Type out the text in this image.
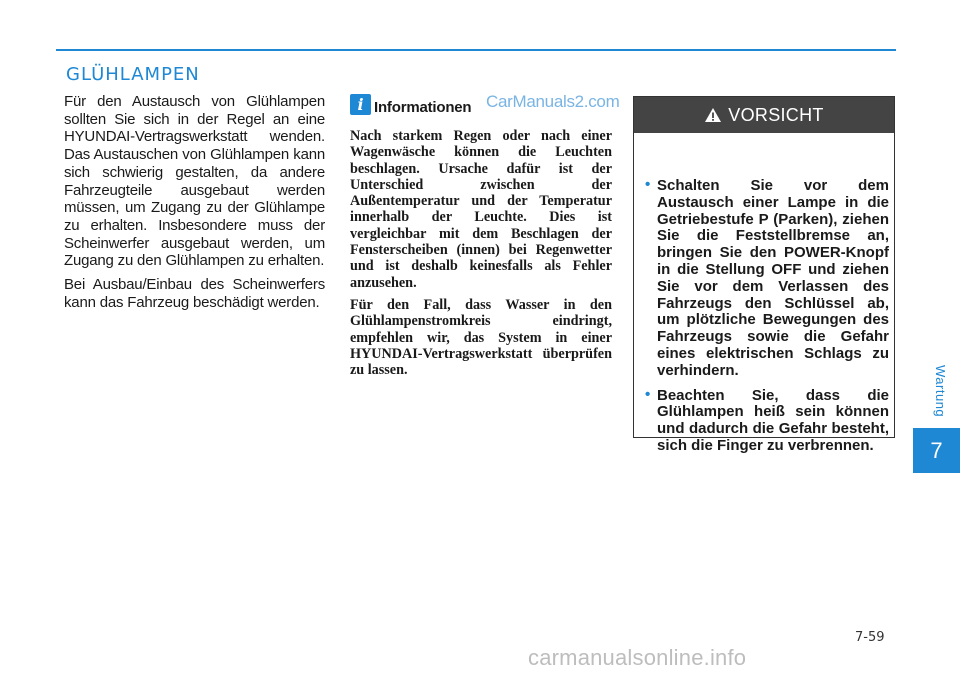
GLÜHLAMPEN

Für den Austausch von Glühlampen sollten Sie sich in der Regel an eine HYUNDAI-Vertragswerkstatt wenden. Das Austauschen von Glühlampen kann sich schwierig gestalten, da andere Fahrzeugteile ausgebaut werden müssen, um Zugang zu der Glühlampe zu erhalten. Insbesondere muss der Scheinwerfer ausgebaut werden, um Zugang zu den Glühlampen zu erhalten.

Bei Ausbau/Einbau des Scheinwerfers kann das Fahrzeug beschädigt werden.

i Informationen CarManuals2.com

Nach starkem Regen oder nach einer Wagenwäsche können die Leuchten beschlagen. Ursache dafür ist der Unterschied zwischen der Außentemperatur und der Temperatur innerhalb der Leuchte. Dies ist vergleichbar mit dem Beschlagen der Fensterscheiben (innen) bei Regenwetter und ist deshalb keinesfalls als Fehler anzusehen.

Für den Fall, dass Wasser in den Glühlampenstromkreis eindringt, empfehlen wir, das System in einer HYUNDAI-Vertragswerkstatt überprüfen zu lassen.

VORSICHT
• Schalten Sie vor dem Austausch einer Lampe in die Getriebestufe P (Parken), ziehen Sie die Feststellbremse an, bringen Sie den POWER-Knopf in die Stellung OFF und ziehen Sie vor dem Verlassen des Fahrzeugs den Schlüssel ab, um plötzliche Bewegungen des Fahrzeugs sowie die Gefahr eines elektrischen Schlags zu verhindern.
• Beachten Sie, dass die Glühlampen heiß sein können und dadurch die Gefahr besteht, sich die Finger zu verbrennen.
Wartung
7
7-59
carmanualsonline.info
